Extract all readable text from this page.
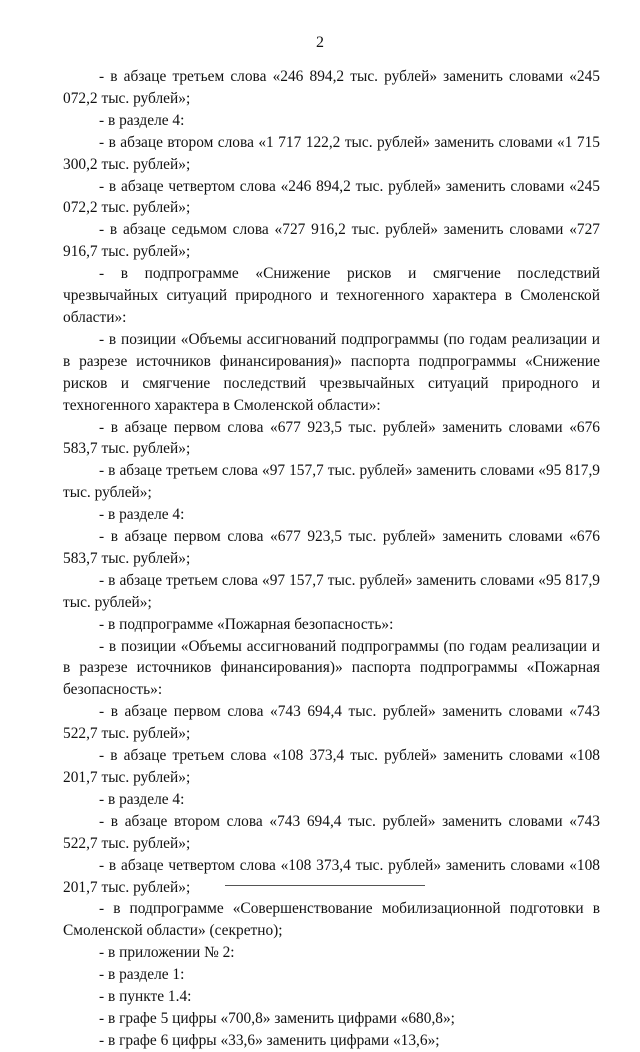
2

- в абзаце третьем слова «246 894,2 тыс. рублей» заменить словами «245 072,2 тыс. рублей»;

- в разделе 4:

- в абзаце втором слова «1 717 122,2 тыс. рублей» заменить словами «1 715 300,2 тыс. рублей»;

- в абзаце четвертом слова «246 894,2 тыс. рублей» заменить словами «245 072,2 тыс. рублей»;

- в абзаце седьмом слова «727 916,2 тыс. рублей» заменить словами «727 916,7 тыс. рублей»;

- в подпрограмме «Снижение рисков и смягчение последствий чрезвычайных ситуаций природного и техногенного характера в Смоленской области»:

- в позиции «Объемы ассигнований подпрограммы (по годам реализации и в разрезе источников финансирования)» паспорта подпрограммы «Снижение рисков и смягчение последствий чрезвычайных ситуаций природного и техногенного характера в Смоленской области»:

- в абзаце первом слова «677 923,5 тыс. рублей» заменить словами «676 583,7 тыс. рублей»;

- в абзаце третьем слова «97 157,7 тыс. рублей» заменить словами «95 817,9 тыс. рублей»;

- в разделе 4:

- в абзаце первом слова «677 923,5 тыс. рублей» заменить словами «676 583,7 тыс. рублей»;

- в абзаце третьем слова «97 157,7 тыс. рублей» заменить словами «95 817,9 тыс. рублей»;

- в подпрограмме «Пожарная безопасность»:

- в позиции «Объемы ассигнований подпрограммы (по годам реализации и в разрезе источников финансирования)» паспорта подпрограммы «Пожарная безопасность»:

- в абзаце первом слова «743 694,4 тыс. рублей» заменить словами «743 522,7 тыс. рублей»;

- в абзаце третьем слова «108 373,4 тыс. рублей» заменить словами «108 201,7 тыс. рублей»;

- в разделе 4:

- в абзаце втором слова «743 694,4 тыс. рублей» заменить словами «743 522,7 тыс. рублей»;

- в абзаце четвертом слова «108 373,4 тыс. рублей» заменить словами «108 201,7 тыс. рублей»;

- в подпрограмме «Совершенствование мобилизационной подготовки в Смоленской области» (секретно);

- в приложении № 2:

- в разделе 1:

- в пункте 1.4:

- в графе 5 цифры «700,8» заменить цифрами «680,8»;

- в графе 6 цифры «33,6» заменить цифрами «13,6»;
